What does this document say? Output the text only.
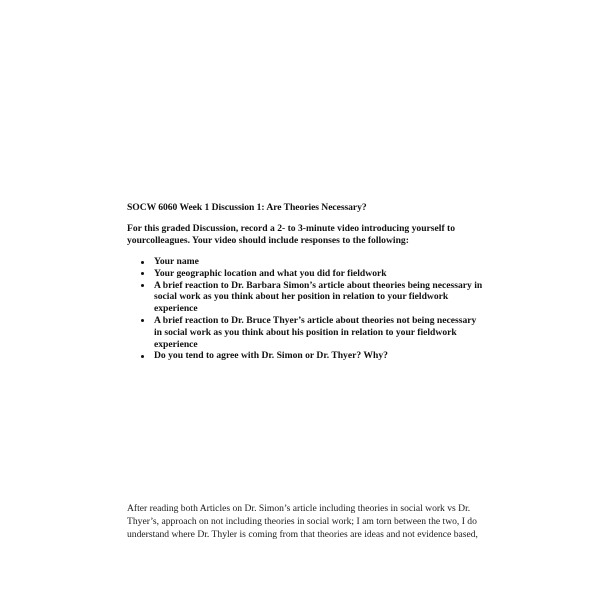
SOCW 6060 Week 1 Discussion 1: Are Theories Necessary?
For this graded Discussion, record a 2- to 3-minute video introducing yourself to
yourcolleagues. Your video should include responses to the following:
Your name
Your geographic location and what you did for fieldwork
A brief reaction to Dr. Barbara Simon’s article about theories being necessary in
social work as you think about her position in relation to your fieldwork
experience
A brief reaction to Dr. Bruce Thyer’s article about theories not being necessary
in social work as you think about his position in relation to your fieldwork
experience
Do you tend to agree with Dr. Simon or Dr. Thyer? Why?
After reading both Articles on Dr. Simon’s article including theories in social work vs Dr.
Thyer’s, approach on not including theories in social work; I am torn between the two, I do
understand where Dr. Thyler is coming from that theories are ideas and not evidence based,
